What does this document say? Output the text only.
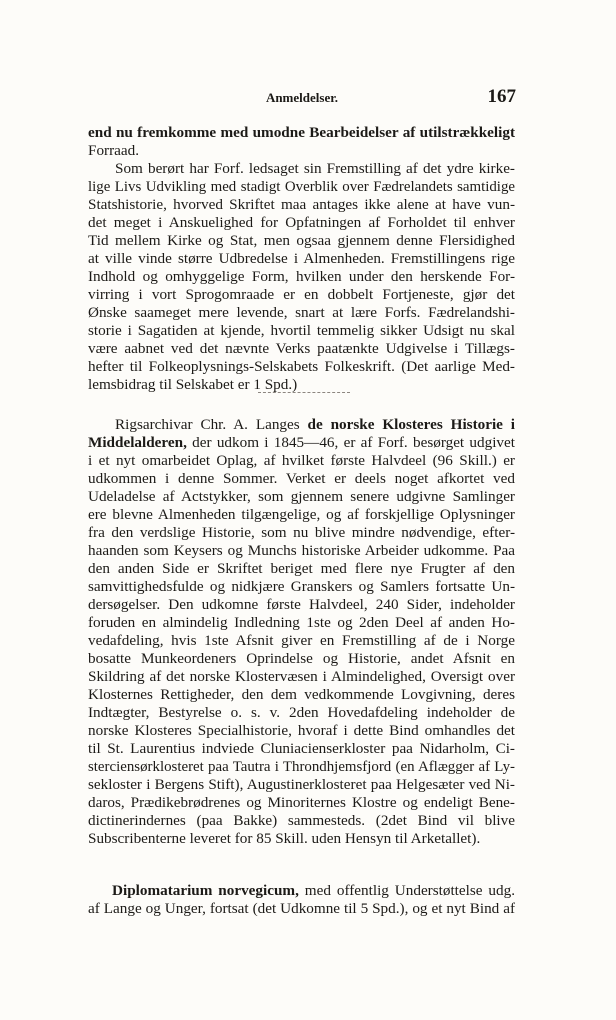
Anmeldelser.	167
end nu fremkomme med umodne Bearbeidelser af utilstrækkeligt
Forraad.
Som berørt har Forf. ledsaget sin Fremstilling af det ydre kirke-
lige Livs Udvikling med stadigt Overblik over Fædrelandets samtidige
Statshistorie, hvorved Skriftet maa antages ikke alene at have vun-
det meget i Anskuelighed for Opfatningen af Forholdet til enhver
Tid mellem Kirke og Stat, men ogsaa gjennem denne Flersidighed
at ville vinde større Udbredelse i Almenheden. Fremstillingens rige
Indhold og omhyggelige Form, hvilken under den herskende For-
virring i vort Sprogomraade er en dobbelt Fortjeneste, gjør det
Ønske saameget mere levende, snart at lære Forfs. Fædrelandshi-
storie i Sagatiden at kjende, hvortil temmelig sikker Udsigt nu skal
være aabnet ved det nævnte Verks paatænkte Udgivelse i Tillægs-
hefter til Folkeoplysnings-Selskabets Folkeskrift. (Det aarlige Med-
lemsbidrag til Selskabet er 1 Spd.)
Rigsarchivar Chr. A. Langes de norske Klosteres Historie i
Middelalderen, der udkom i 1845—46, er af Forf. besørget udgivet
i et nyt omarbeidet Oplag, af hvilket første Halvdeel (96 Skill.) er
udkommen i denne Sommer. Verket er deels noget afkortet ved
Udeladelse af Actstykker, som gjennem senere udgivne Samlinger
ere blevne Almenheden tilgængelige, og af forskjellige Oplysninger
fra den verdslige Historie, som nu blive mindre nødvendige, efter-
haanden som Keysers og Munchs historiske Arbeider udkomme. Paa
den anden Side er Skriftet beriget med flere nye Frugter af den
samvittighedsfulde og nidkjære Granskers og Samlers fortsatte Un-
dersøgelser. Den udkomne første Halvdeel, 240 Sider, indeholder
foruden en almindelig Indledning 1ste og 2den Deel af anden Ho-
vedafdeling, hvis 1ste Afsnit giver en Fremstilling af de i Norge
bosatte Munkeordeners Oprindelse og Historie, andet Afsnit en
Skildring af det norske Klostervæsen i Almindelighed, Oversigt over
Klosternes Rettigheder, den dem vedkommende Lovgivning, deres
Indtægter, Bestyrelse o. s. v. 2den Hovedafdeling indeholder de
norske Klosteres Specialhistorie, hvoraf i dette Bind omhandles det
til St. Laurentius indviede Cluniacienserkloster paa Nidarholm, Ci-
sterciensørklosteret paa Tautra i Throndhjemsfjord (en Aflægger af Ly-
sekloster i Bergens Stift), Augustinerklosteret paa Helgesæter ved Ni-
daros, Prædikebrødrenes og Minoriternes Klostre og endeligt Bene-
dictinerindernes (paa Bakke) sammesteds. (2det Bind vil blive
Subscribenterne leveret for 85 Skill. uden Hensyn til Arketallet).
Diplomatarium norvegicum, med offentlig Understøttelse udg.
af Lange og Unger, fortsat (det Udkomne til 5 Spd.), og et nyt Bind af
